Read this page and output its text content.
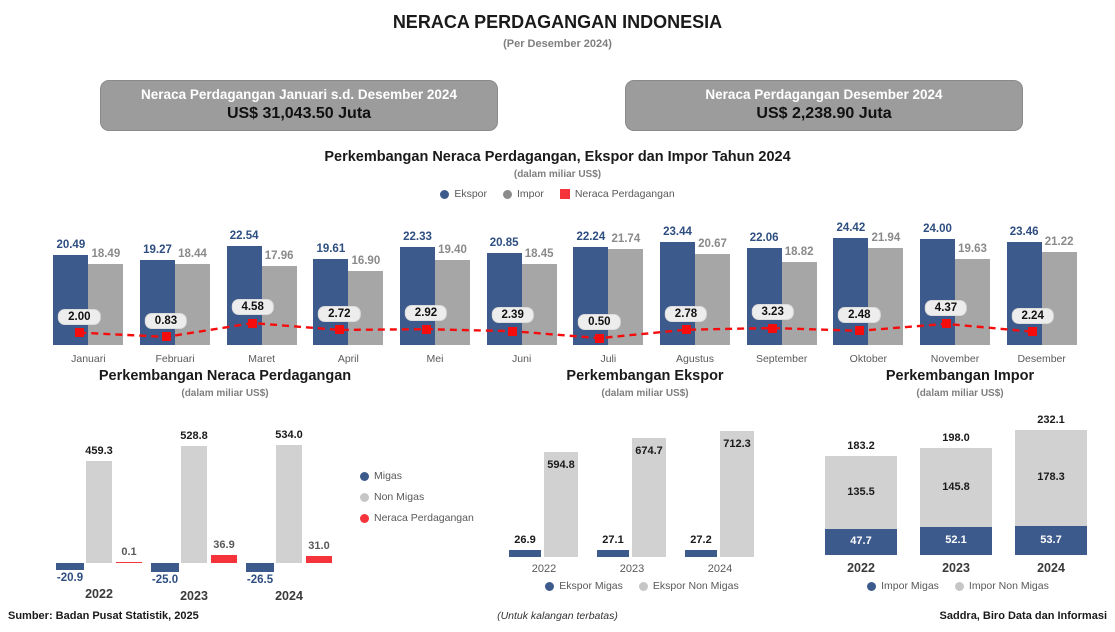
NERACA PERDAGANGAN INDONESIA
(Per Desember 2024)
Neraca Perdagangan Januari s.d. Desember 2024
US$ 31,043.50 Juta
Neraca Perdagangan Desember 2024
US$ 2,238.90 Juta
Perkembangan Neraca Perdagangan, Ekspor dan Impor Tahun 2024
(dalam miliar US$)
Ekspor	Impor	Neraca Perdagangan
20.49
18.49
Januari
2.00
19.27 18.44
Februari
0.83
22.54
17.96
Maret
4.58
19.61
16.90
April
2.72
22.33
19.40
Mei
2.92
20.85
18.45
Juni
2.39
22.24 21.74
Juli
0.50
23.44
20.67
Agustus
2.78
22.06
18.82
September
3.23
24.42
21.94
Oktober
2.48
24.00
19.63
November
4.37
23.46
21.22
Desember
2.24
Perkembangan Neraca Perdagangan
(dalam miliar US$)
-20.9
459.3
0.1
2022
-25.0
528.8
36.9
2023
-26.5
534.0
31.0
2024
Migas
Non Migas
Neraca Perdagangan
Perkembangan Ekspor
(dalam miliar US$)
26.9
594.8
2022
27.1
674.7
2023
27.2
712.3
2024
Ekspor Migas	Ekspor Non Migas
Perkembangan Impor
(dalam miliar US$)
183.2
135.5
47.7
2022
198.0
145.8
52.1
2023
232.1
178.3
53.7
2024
Impor Migas	Impor Non Migas
Sumber: Badan Pusat Statistik, 2025	(Untuk kalangan terbatas)	Saddra, Biro Data dan Informasi
